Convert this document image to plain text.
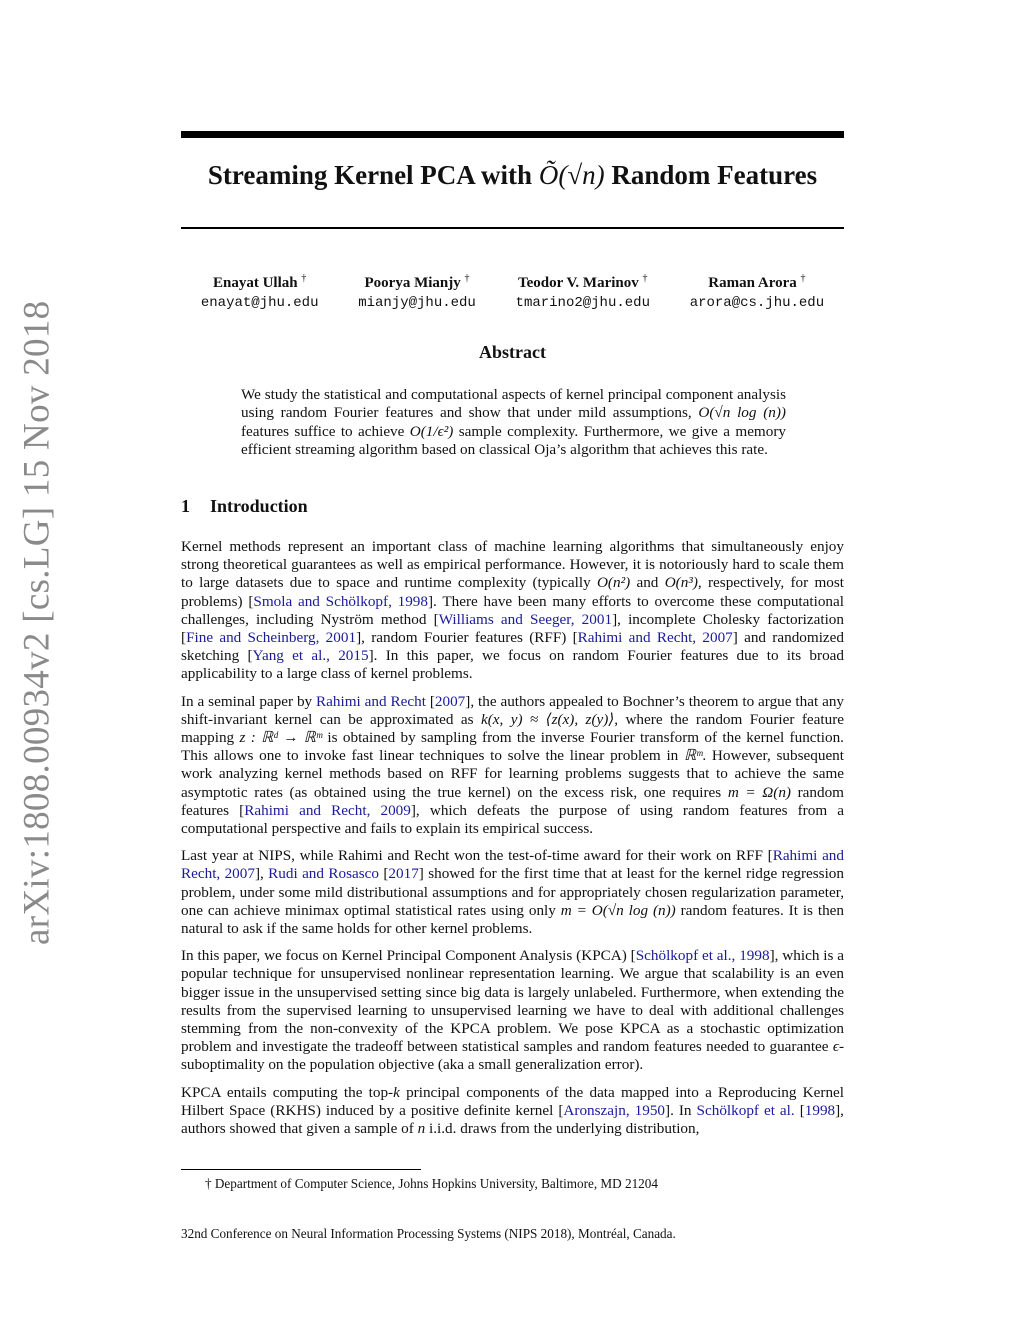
arXiv:1808.00934v2 [cs.LG] 15 Nov 2018
Streaming Kernel PCA with Õ(√n) Random Features
Enayat Ullah †
enayat@jhu.edu
Poorya Mianjy †
mianjy@jhu.edu
Teodor V. Marinov †
tmarino2@jhu.edu
Raman Arora †
arora@cs.jhu.edu
Abstract
We study the statistical and computational aspects of kernel principal component analysis using random Fourier features and show that under mild assumptions, O(√n log (n)) features suffice to achieve O(1/ϵ²) sample complexity. Furthermore, we give a memory efficient streaming algorithm based on classical Oja’s algorithm that achieves this rate.
1 Introduction

Kernel methods represent an important class of machine learning algorithms that simultaneously enjoy strong theoretical guarantees as well as empirical performance. However, it is notoriously hard to scale them to large datasets due to space and runtime complexity (typically O(n²) and O(n³), respectively, for most problems) [Smola and Schölkopf, 1998]. There have been many efforts to overcome these computational challenges, including Nyström method [Williams and Seeger, 2001], incomplete Cholesky factorization [Fine and Scheinberg, 2001], random Fourier features (RFF) [Rahimi and Recht, 2007] and randomized sketching [Yang et al., 2015]. In this paper, we focus on random Fourier features due to its broad applicability to a large class of kernel problems.

In a seminal paper by Rahimi and Recht [2007], the authors appealed to Bochner’s theorem to argue that any shift-invariant kernel can be approximated as k(x, y) ≈ ⟨z(x), z(y)⟩, where the random Fourier feature mapping z : ℝᵈ → ℝᵐ is obtained by sampling from the inverse Fourier transform of the kernel function. This allows one to invoke fast linear techniques to solve the linear problem in ℝᵐ. However, subsequent work analyzing kernel methods based on RFF for learning problems suggests that to achieve the same asymptotic rates (as obtained using the true kernel) on the excess risk, one requires m = Ω(n) random features [Rahimi and Recht, 2009], which defeats the purpose of using random features from a computational perspective and fails to explain its empirical success.

Last year at NIPS, while Rahimi and Recht won the test-of-time award for their work on RFF [Rahimi and Recht, 2007], Rudi and Rosasco [2017] showed for the first time that at least for the kernel ridge regression problem, under some mild distributional assumptions and for appropriately chosen regularization parameter, one can achieve minimax optimal statistical rates using only m = O(√n log (n)) random features. It is then natural to ask if the same holds for other kernel problems.

In this paper, we focus on Kernel Principal Component Analysis (KPCA) [Schölkopf et al., 1998], which is a popular technique for unsupervised nonlinear representation learning. We argue that scalability is an even bigger issue in the unsupervised setting since big data is largely unlabeled. Furthermore, when extending the results from the supervised learning to unsupervised learning we have to deal with additional challenges stemming from the non-convexity of the KPCA problem. We pose KPCA as a stochastic optimization problem and investigate the tradeoff between statistical samples and random features needed to guarantee ϵ-suboptimality on the population objective (aka a small generalization error).

KPCA entails computing the top-k principal components of the data mapped into a Reproducing Kernel Hilbert Space (RKHS) induced by a positive definite kernel [Aronszajn, 1950]. In Schölkopf et al. [1998], authors showed that given a sample of n i.i.d. draws from the underlying distribution,

† Department of Computer Science, Johns Hopkins University, Baltimore, MD 21204
32nd Conference on Neural Information Processing Systems (NIPS 2018), Montréal, Canada.
